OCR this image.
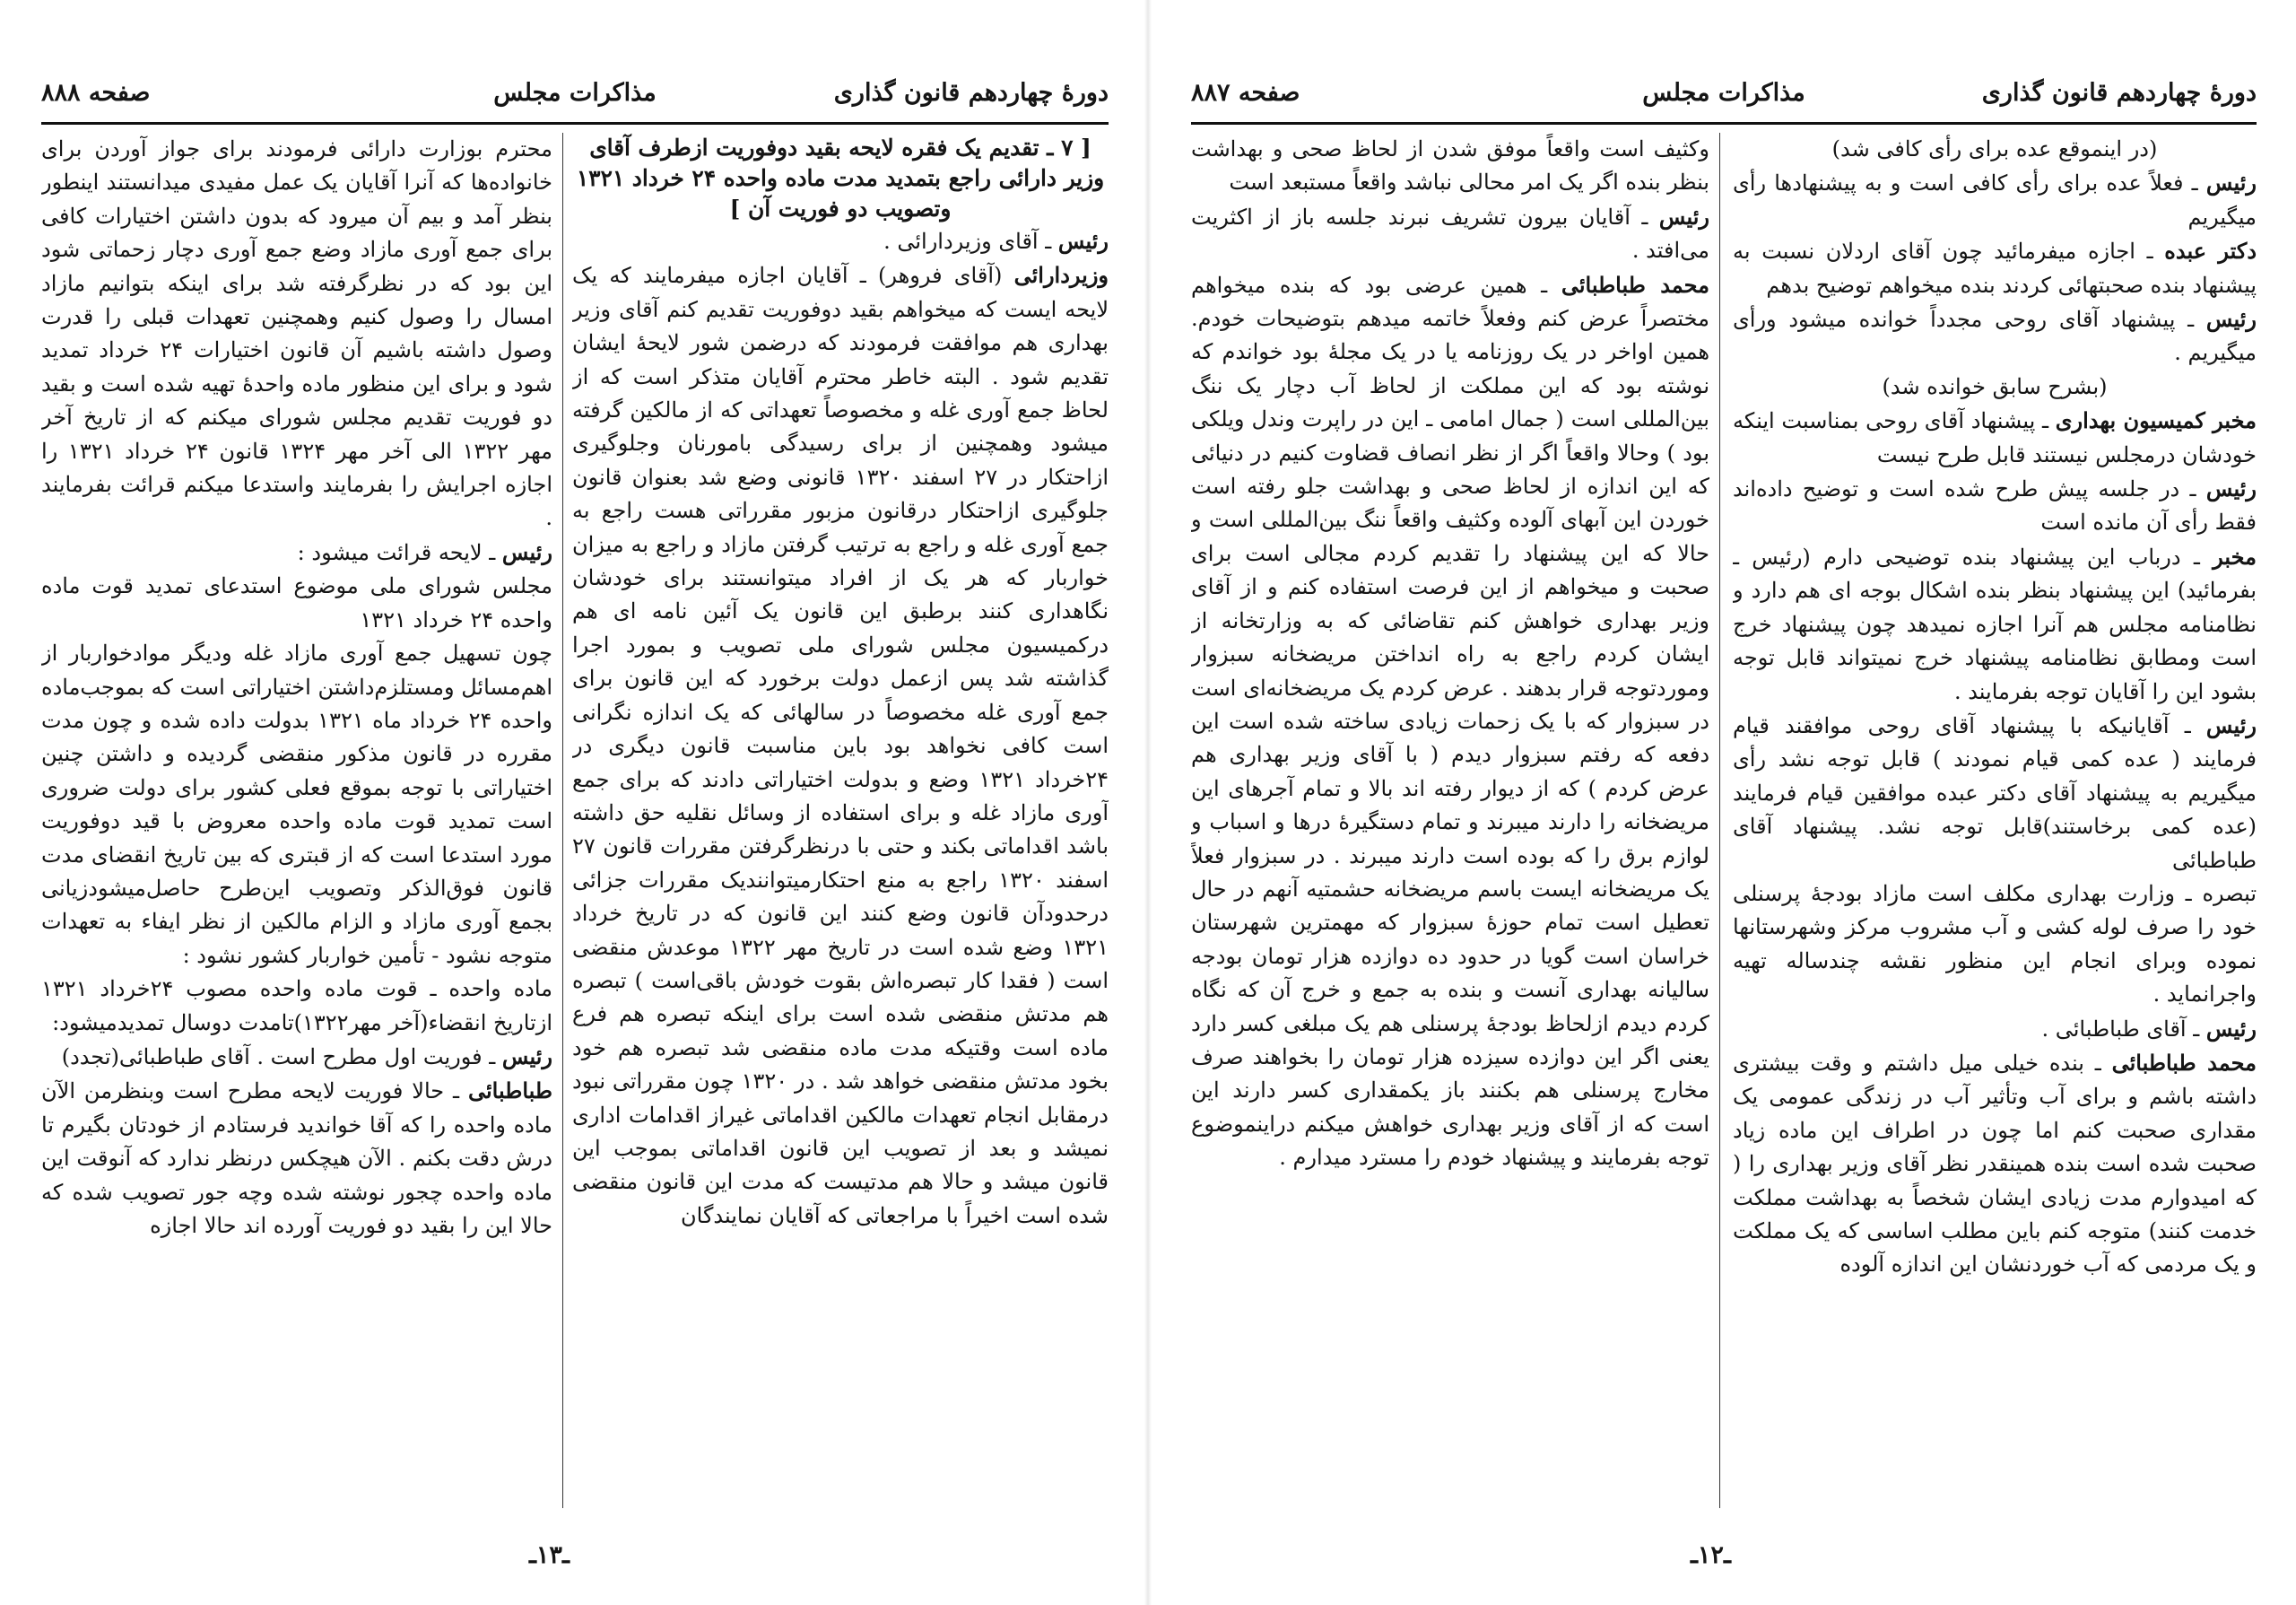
دورهٔ چهاردهم قانون گذاری
مذاکرات مجلس
صفحه ۸۸۸

[ ۷ ـ تقدیم یک فقره لایحه بقید دوفوریت ازطرف آقای وزیر دارائی راجع بتمدید مدت ماده واحده ۲۴ خرداد ۱۳۲۱ وتصویب دو فوریت آن ]

رئیس ـ آقای وزیردارائی .

وزیردارائی (آقای فروهر) ـ آقایان اجازه میفرمایند که یک لایحه ایست که میخواهم بقید دوفوریت تقدیم کنم آقای وزیر بهداری هم موافقت فرمودند که درضمن شور لایحهٔ ایشان تقدیم شود . البته خاطر محترم آقایان متذکر است که از لحاظ جمع آوری غله و مخصوصاً تعهداتی که از مالکین گرفته میشود وهمچنین از برای رسیدگی بامورنان وجلوگیری ازاحتکار در ۲۷ اسفند ۱۳۲۰ قانونی وضع شد بعنوان قانون جلوگیری ازاحتکار درقانون مزبور مقرراتی هست راجع به جمع آوری غله و راجع به ترتیب گرفتن مازاد و راجع به میزان خواربار که هر یک از افراد میتوانستند برای خودشان نگاهداری کنند برطبق این قانون یک آئین نامه ای هم درکمیسیون مجلس شورای ملی تصویب و بمورد اجرا گذاشته شد پس ازعمل دولت برخورد که این قانون برای جمع آوری غله مخصوصاً در سالهائی که یک اندازه نگرانی است کافی نخواهد بود باین مناسبت قانون دیگری در ۲۴خرداد ۱۳۲۱ وضع و بدولت اختیاراتی دادند که برای جمع آوری مازاد غله و برای استفاده از وسائل نقلیه حق داشته باشد اقداماتی بکند و حتی با درنظرگرفتن مقررات قانون ۲۷ اسفند ۱۳۲۰ راجع به منع احتکارمیتوانندیک مقررات جزائی درحدودآن قانون وضع کنند این قانون که در تاریخ خرداد ۱۳۲۱ وضع شده است در تاریخ مهر ۱۳۲۲ موعدش منقضی است ( فقدا کار تبصره‌اش بقوت خودش باقی‌است ) تبصره هم مدتش منقضی شده است برای اینکه تبصره هم فرع ماده است وقتیکه مدت ماده منقضی شد تبصره هم خود بخود مدتش منقضی خواهد شد . در ۱۳۲۰ چون مقرراتی نبود درمقابل انجام تعهدات مالکین اقداماتی غیراز اقدامات اداری نمیشد و بعد از تصویب این قانون اقداماتی بموجب این قانون میشد و حالا هم مدتیست که مدت این قانون منقضی شده است اخیراً با مراجعاتی که آقایان نمایندگان

محترم بوزارت دارائی فرمودند برای جواز آوردن برای خانواده‌ها که آنرا آقایان یک عمل مفیدی میدانستند اینطور بنظر آمد و بیم آن میرود که بدون داشتن اختیارات کافی برای جمع آوری مازاد وضع جمع آوری دچار زحماتی شود این بود که در نظرگرفته شد برای اینکه بتوانیم مازاد امسال را وصول کنیم وهمچنین تعهدات قبلی را قدرت وصول داشته باشیم آن قانون اختیارات ۲۴ خرداد تمدید شود و برای این منظور ماده واحدهٔ تهیه شده است و بقید دو فوریت تقدیم مجلس شورای میکنم که از تاریخ آخر مهر ۱۳۲۲ الی آخر مهر ۱۳۲۴ قانون ۲۴ خرداد ۱۳۲۱ را اجازه اجرایش را بفرمایند واستدعا میکنم قرائت بفرمایند .

رئیس ـ لایحه قرائت میشود :

مجلس شورای ملی موضوع استدعای تمدید قوت ماده واحده ۲۴ خرداد ۱۳۲۱

چون تسهیل جمع آوری مازاد غله ودیگر موادخواربار از اهم‌مسائل ومستلزم‌داشتن اختیاراتی است که بموجب‌ماده واحده ۲۴ خرداد ماه ۱۳۲۱ بدولت داده شده و چون مدت مقرره در قانون مذکور منقضی گردیده و داشتن چنین اختیاراتی با توجه بموقع فعلی کشور برای دولت ضروری است تمدید قوت ماده واحده معروض با قید دوفوریت مورد استدعا است که از قبتری که بین تاریخ انقضای مدت قانون فوق‌الذکر وتصویب این‌طرح حاصل‌میشودزیانی بجمع آوری مازاد و الزام مالکین از نظر ایفاء به تعهدات متوجه نشود - تأمین خواربار کشور نشود :

ماده واحده ـ قوت ماده واحده مصوب ۲۴خرداد ۱۳۲۱ ازتاریخ انقضاء(آخر مهر۱۳۲۲)تامدت دوسال تمدیدمیشود:

رئیس ـ فوریت اول مطرح است . آقای طباطبائی(تجدد)

طباطبائی ـ حالا فوریت لایحه مطرح است وبنظرمن الآن ماده واحده را که آقا خواندید فرستادم از خودتان بگیرم تا درش دقت بکنم . الآن هیچکس درنظر ندارد که آنوقت این ماده واحده چجور نوشته شده وچه جور تصویب شده که حالا این را بقید دو فوریت آورده اند حالا اجازه

ـ۱۳ـ
دورهٔ چهاردهم قانون گذاری
مذاکرات مجلس
صفحه ۸۸۷

(در اینموقع عده برای رأی کافی شد)

رئیس ـ فعلاً عده برای رأی کافی است و به پیشنهادها رأی میگیریم

دکتر عبده ـ اجازه میفرمائید چون آقای اردلان نسبت به پیشنهاد بنده صحبتهائی کردند بنده میخواهم توضیح بدهم

رئیس ـ پیشنهاد آقای روحی مجدداً خوانده میشود ورأی میگیریم .

(بشرح سابق خوانده شد)

مخبر کمیسیون بهداری ـ پیشنهاد آقای روحی بمناسبت اینکه خودشان درمجلس نیستند قابل طرح نیست

رئیس ـ در جلسه پیش طرح شده است و توضیح داده‌اند فقط رأی آن مانده است

مخبر ـ درباب این پیشنهاد بنده توضیحی دارم (رئیس ـ بفرمائید) این پیشنهاد بنظر بنده اشکال بوجه ای هم دارد و نظامنامه مجلس هم آنرا اجازه نمیدهد چون پیشنهاد خرج است ومطابق نظامنامه پیشنهاد خرج نمیتواند قابل توجه بشود این را آقایان توجه بفرمایند .

رئیس ـ آقایانیکه با پیشنهاد آقای روحی موافقند قیام فرمایند ( عده کمی قیام نمودند ) قابل توجه نشد رأی میگیریم به پیشنهاد آقای دکتر عبده موافقین قیام فرمایند (عده کمی برخاستند)قابل توجه نشد. پیشنهاد آقای طباطبائی

تبصره ـ وزارت بهداری مکلف است مازاد بودجهٔ پرسنلی خود را صرف لوله کشی و آب مشروب مرکز وشهرستانها نموده وبرای انجام این منظور نقشه چندساله تهیه واجرانماید .

رئیس ـ آقای طباطبائی .

محمد طباطبائی ـ بنده خیلی میل داشتم و وقت بیشتری داشته باشم و برای آب وتأثیر آب در زندگی عمومی یک مقداری صحبت کنم اما چون در اطراف این ماده زیاد صحبت شده است بنده همینقدر نظر آقای وزیر بهداری را ( که امیدوارم مدت زیادی ایشان شخصاً به بهداشت مملکت خدمت کنند) متوجه کنم باین مطلب اساسی که یک مملکت و یک مردمی که آب خوردنشان این اندازه آلوده

وکثیف است واقعاً موفق شدن از لحاظ صحی و بهداشت بنظر بنده اگر یک امر محالی نباشد واقعاً مستبعد است

رئیس ـ آقایان بیرون تشریف نبرند جلسه باز از اکثریت می‌افتد .

محمد طباطبائی ـ همین عرضی بود که بنده میخواهم مختصراً عرض کنم وفعلاً خاتمه میدهم بتوضیحات خودم. همین اواخر در یک روزنامه یا در یک مجلهٔ بود خواندم که نوشته بود که این مملکت از لحاظ آب دچار یک ننگ بین‌المللی است ( جمال امامی ـ این در راپرت وندل ویلکی بود ) وحالا واقعاً اگر از نظر انصاف قضاوت کنیم در دنیائی که این اندازه از لحاظ صحی و بهداشت جلو رفته است خوردن این آبهای آلوده وکثیف واقعاً ننگ بین‌المللی است و حالا که این پیشنهاد را تقدیم کردم مجالی است برای صحبت و میخواهم از این فرصت استفاده کنم و از آقای وزیر بهداری خواهش کنم تقاضائی که به وزارتخانه از ایشان کردم راجع به راه انداختن مریضخانه سبزوار وموردتوجه قرار بدهند . عرض کردم یک مریضخانه‌ای است در سبزوار که با یک زحمات زیادی ساخته شده است این دفعه که رفتم سبزوار دیدم ( با آقای وزیر بهداری هم عرض کردم ) که از دیوار رفته اند بالا و تمام آجرهای این مریضخانه را دارند میبرند و تمام دستگیرهٔ درها و اسباب و لوازم برق را که بوده است دارند میبرند . در سبزوار فعلاً یک مریضخانه ایست باسم مریضخانه حشمتیه آنهم در حال تعطیل است تمام حوزهٔ سبزوار که مهمترین شهرستان خراسان است گویا در حدود ده دوازده هزار تومان بودجه سالیانه بهداری آنست و بنده به جمع و خرج آن که نگاه کردم دیدم ازلحاظ بودجهٔ پرسنلی هم یک مبلغی کسر دارد یعنی اگر این دوازده سیزده هزار تومان را بخواهند صرف مخارج پرسنلی هم بکنند باز یکمقداری کسر دارند این است که از آقای وزیر بهداری خواهش میکنم دراینموضوع توجه بفرمایند و پیشنهاد خودم را مسترد میدارم .

ـ۱۲ـ
